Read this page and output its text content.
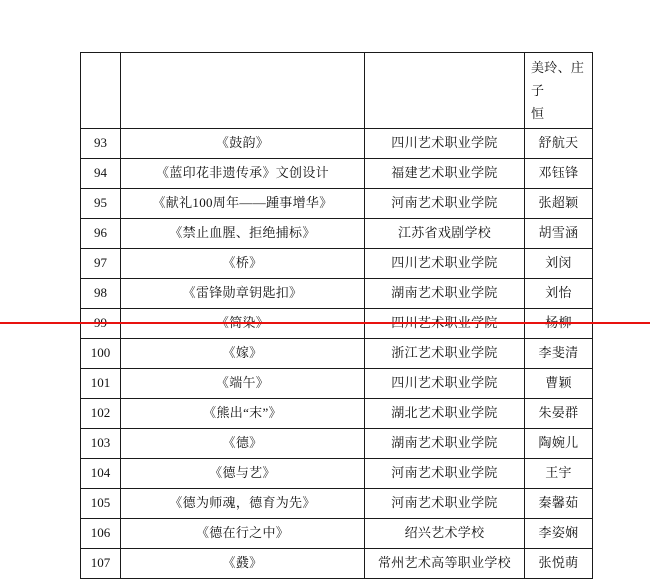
			美玲、庄子
恒

93	《鼓韵》	四川艺术职业学院	舒航天
94	《蓝印花非遗传承》文创设计	福建艺术职业学院	邓钰锋
95	《献礼100周年——踵事增华》	河南艺术职业学院	张超颖
96	《禁止血腥、拒绝捕标》	江苏省戏剧学校	胡雪涵
97	《桥》	四川艺术职业学院	刘闵
98	《雷锋勋章钥匙扣》	湖南艺术职业学院	刘怡
99	《简染》	四川艺术职业学院	杨柳
100	《嫁》	浙江艺术职业学院	李斐清
101	《端午》	四川艺术职业学院	曹颖
102	《熊出“末”》	湖北艺术职业学院	朱晏群
103	《德》	湖南艺术职业学院	陶婉儿
104	《德与艺》	河南艺术职业学院	王宇
105	《德为师魂，德育为先》	河南艺术职业学院	秦馨茹
106	《德在行之中》	绍兴艺术学校	李姿娴
107	《鼗》	常州艺术高等职业学校	张悦萌
